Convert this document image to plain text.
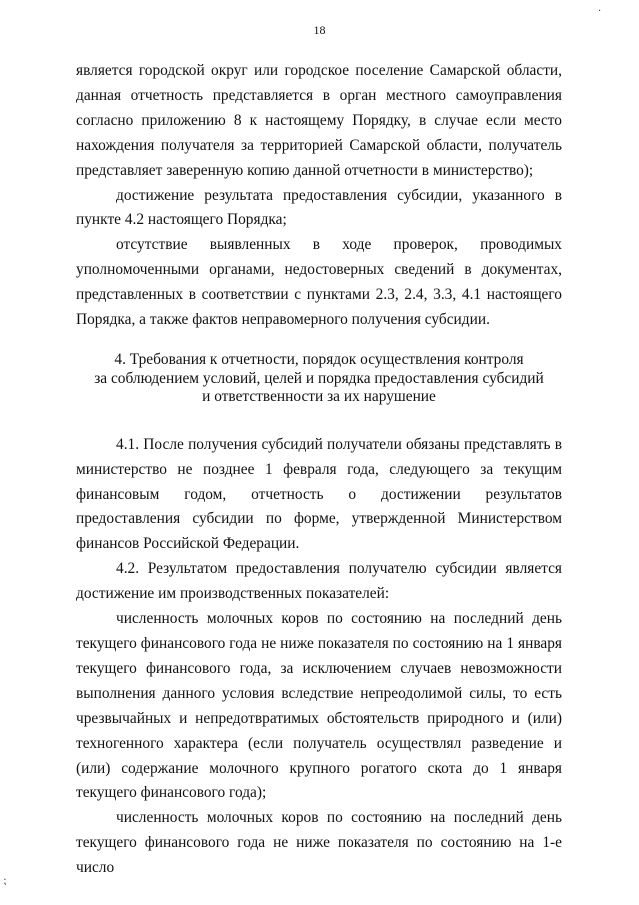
18
·
⁏

является городской округ или городское поселение Самарской области, данная отчетность представляется в орган местного самоуправления согласно приложению 8 к настоящему Порядку, в случае если место нахождения получателя за территорией Самарской области, получатель представляет заверенную копию данной отчетности в министерство);

достижение результата предоставления субсидии, указанного в пункте 4.2 настоящего Порядка;

отсутствие выявленных в ходе проверок, проводимых уполномоченными органами, недостоверных сведений в документах, представленных в соответствии с пунктами 2.3, 2.4, 3.3, 4.1 настоящего Порядка, а также фактов неправомерного получения субсидии.

4. Требования к отчетности, порядок осуществления контроля
за соблюдением условий, целей и порядка предоставления субсидий
и ответственности за их нарушение

4.1. После получения субсидий получатели обязаны представлять в министерство не позднее 1 февраля года, следующего за текущим финансовым годом, отчетность о достижении результатов предоставления субсидии по форме, утвержденной Министерством финансов Российской Федерации.

4.2. Результатом предоставления получателю субсидии является достижение им производственных показателей:

численность молочных коров по состоянию на последний день текущего финансового года не ниже показателя по состоянию на 1 января текущего финансового года, за исключением случаев невозможности выполнения данного условия вследствие непреодолимой силы, то есть чрезвычайных и непредотвратимых обстоятельств природного и (или) техногенного характера (если получатель осуществлял разведение и (или) содержание молочного крупного рогатого скота до 1 января текущего финансового года);

численность молочных коров по состоянию на последний день текущего финансового года не ниже показателя по состоянию на 1-е число
